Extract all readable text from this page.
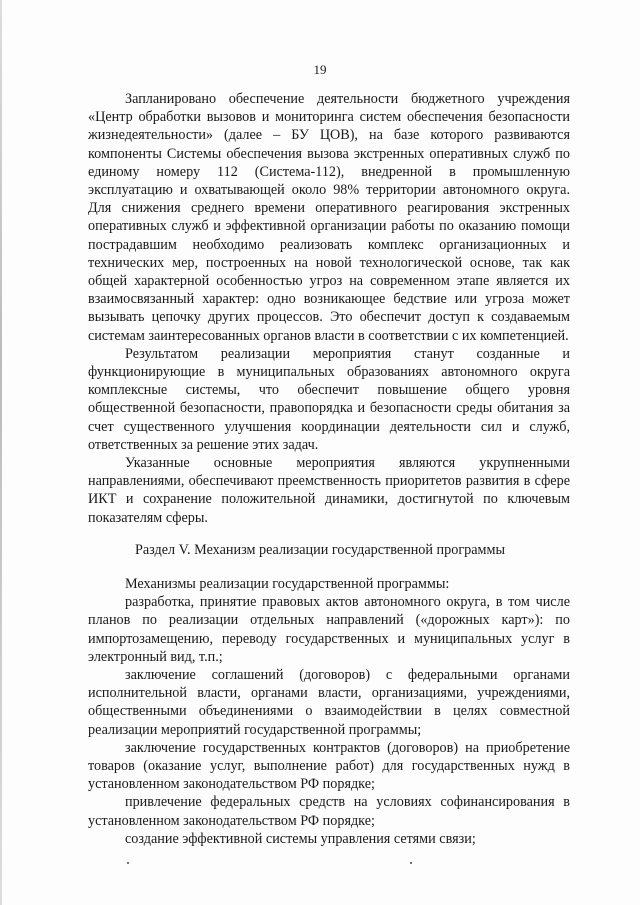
19

Запланировано обеспечение деятельности бюджетного учреждения «Центр обработки вызовов и мониторинга систем обеспечения безопасности жизнедеятельности» (далее – БУ ЦОВ), на базе которого развиваются компоненты Системы обеспечения вызова экстренных оперативных служб по единому номеру 112 (Система-112), внедренной в промышленную эксплуатацию и охватывающей около 98% территории автономного округа. Для снижения среднего времени оперативного реагирования экстренных оперативных служб и эффективной организации работы по оказанию помощи пострадавшим необходимо реализовать комплекс организационных и технических мер, построенных на новой технологической основе, так как общей характерной особенностью угроз на современном этапе является их взаимосвязанный характер: одно возникающее бедствие или угроза может вызывать цепочку других процессов. Это обеспечит доступ к создаваемым системам заинтересованных органов власти в соответствии с их компетенцией.

Результатом реализации мероприятия станут созданные и функционирующие в муниципальных образованиях автономного округа комплексные системы, что обеспечит повышение общего уровня общественной безопасности, правопорядка и безопасности среды обитания за счет существенного улучшения координации деятельности сил и служб, ответственных за решение этих задач.

Указанные основные мероприятия являются укрупненными направлениями, обеспечивают преемственность приоритетов развития в сфере ИКТ и сохранение положительной динамики, достигнутой по ключевым показателям сферы.

Раздел V. Механизм реализации государственной программы

Механизмы реализации государственной программы:

разработка, принятие правовых актов автономного округа, в том числе планов по реализации отдельных направлений («дорожных карт»): по импортозамещению, переводу государственных и муниципальных услуг в электронный вид, т.п.;

заключение соглашений (договоров) с федеральными органами исполнительной власти, органами власти, организациями, учреждениями, общественными объединениями о взаимодействии в целях совместной реализации мероприятий государственной программы;

заключение государственных контрактов (договоров) на приобретение товаров (оказание услуг, выполнение работ) для государственных нужд в установленном законодательством РФ порядке;

привлечение федеральных средств на условиях софинансирования в установленном законодательством РФ порядке;

создание эффективной системы управления сетями связи;
